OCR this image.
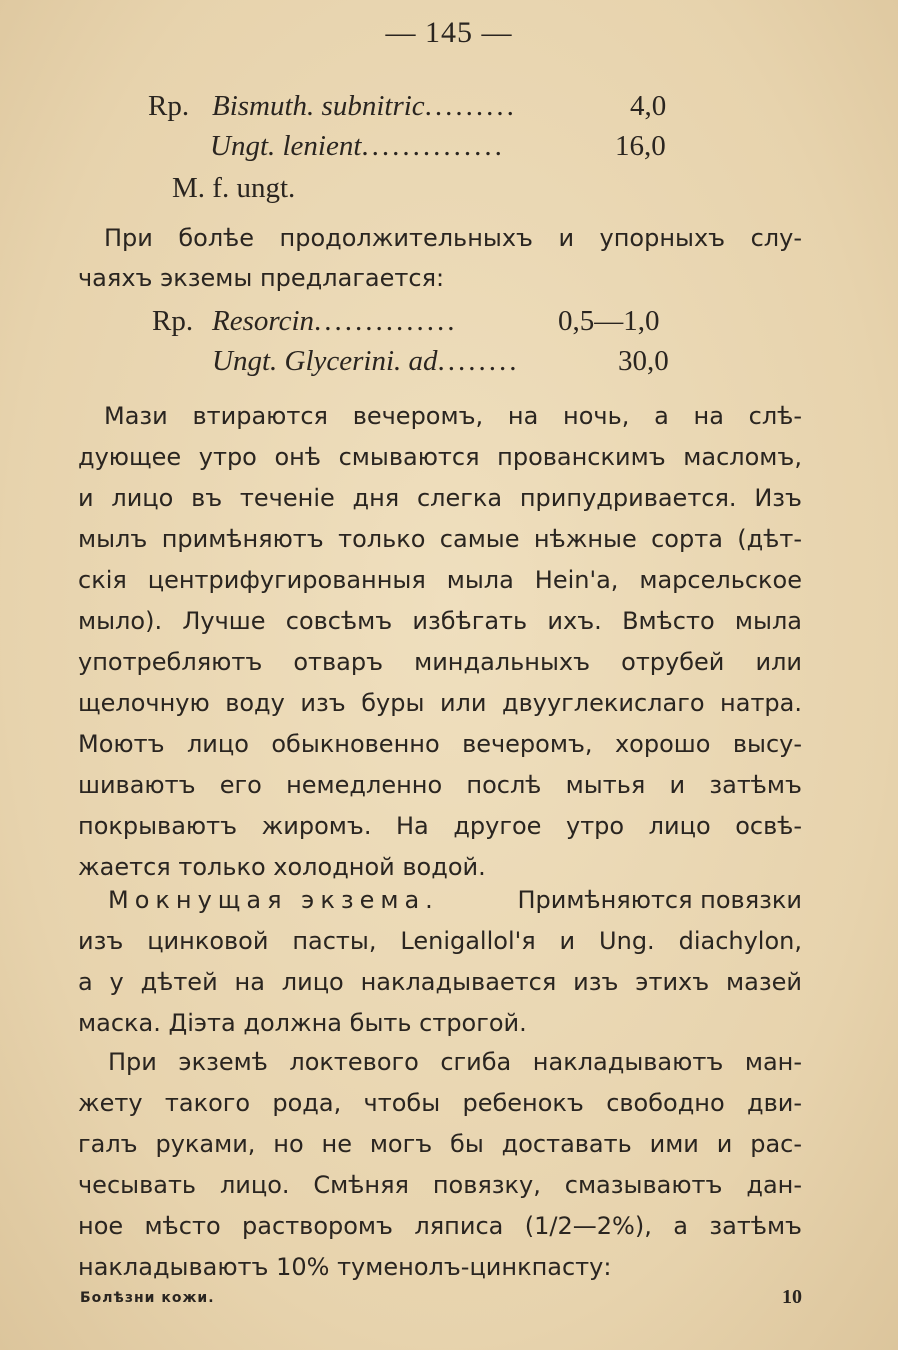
— 145 —
Rp. Bismuth. subnitric.........	4,0
Ungt. lenient..............	16,0
M. f. ungt.
При болѣе продолжительныхъ и упорныхъ слу-
чаяхъ экземы предлагается:
Rp. Resorcin..............	0,5—1,0
Ungt. Glycerini. ad........	30,0
Мази втираются вечеромъ, на ночь, а на слѣ-
дующее утро онѣ смываются прованскимъ масломъ,
и лицо въ теченіе дня слегка припудривается. Изъ
мылъ примѣняютъ только самые нѣжные сорта (дѣт-
скія центрифугированныя мыла Hein'а, марсельское
мыло). Лучше совсѣмъ избѣгать ихъ. Вмѣсто мыла
употребляютъ отваръ миндальныхъ отрубей или
щелочную воду изъ буры или двууглекислаго натра.
Моютъ лицо обыкновенно вечеромъ, хорошо высу-
шиваютъ его немедленно послѣ мытья и затѣмъ
покрываютъ жиромъ. На другое утро лицо освѣ-
жается только холодной водой.
Мокнущая экзема.	Примѣняются повязки
изъ цинковой пасты, Lenigallol'я и Ung. diachylon,
а у дѣтей на лицо накладывается изъ этихъ мазей
маска. Діэта должна быть строгой.
При экземѣ локтевого сгиба накладываютъ ман-
жету такого рода, чтобы ребенокъ свободно дви-
галъ руками, но не могъ бы доставать ими и рас-
чесывать лицо. Смѣняя повязку, смазываютъ дан-
ное мѣсто растворомъ ляписа (1/2—2%), а затѣмъ
накладываютъ 10% туменолъ-цинкпасту:
Болѣзни кожи.	10
